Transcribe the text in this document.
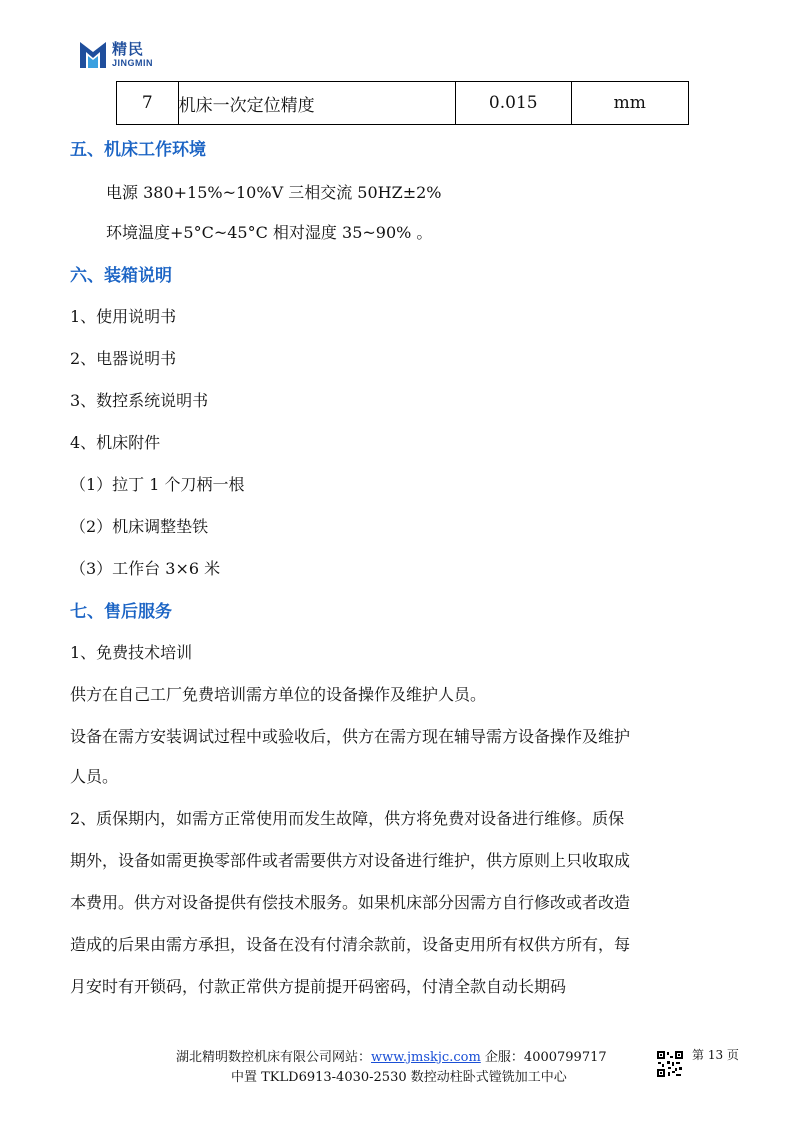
精民
JINGMIN
7	机床一次定位精度	0.015	mm
五、机床工作环境
电源 380+15%~10%V 三相交流 50HZ±2%
环境温度+5°C~45°C 相对湿度 35~90% 。
六、装箱说明
1、使用说明书
2、电器说明书
3、数控系统说明书
4、机床附件
（1）拉丁 1 个刀柄一根
（2）机床调整垫铁
（3）工作台 3×6 米
七、售后服务
1、免费技术培训
供方在自己工厂免费培训需方单位的设备操作及维护人员。
设备在需方安装调试过程中或验收后，供方在需方现在辅导需方设备操作及维护
人员。
2、质保期内，如需方正常使用而发生故障，供方将免费对设备进行维修。质保
期外，设备如需更换零部件或者需要供方对设备进行维护，供方原则上只收取成
本费用。供方对设备提供有偿技术服务。如果机床部分因需方自行修改或者改造
造成的后果由需方承担，设备在没有付清余款前，设备吏用所有权供方所有，每
月安时有开锁码，付款正常供方提前提开码密码，付清全款自动长期码
湖北精明数控机床有限公司网站：www.jmskjc.com 企服：4000799717
中置 TKLD6913-4030-2530 数控动柱卧式镗铣加工中心
第 13 页
